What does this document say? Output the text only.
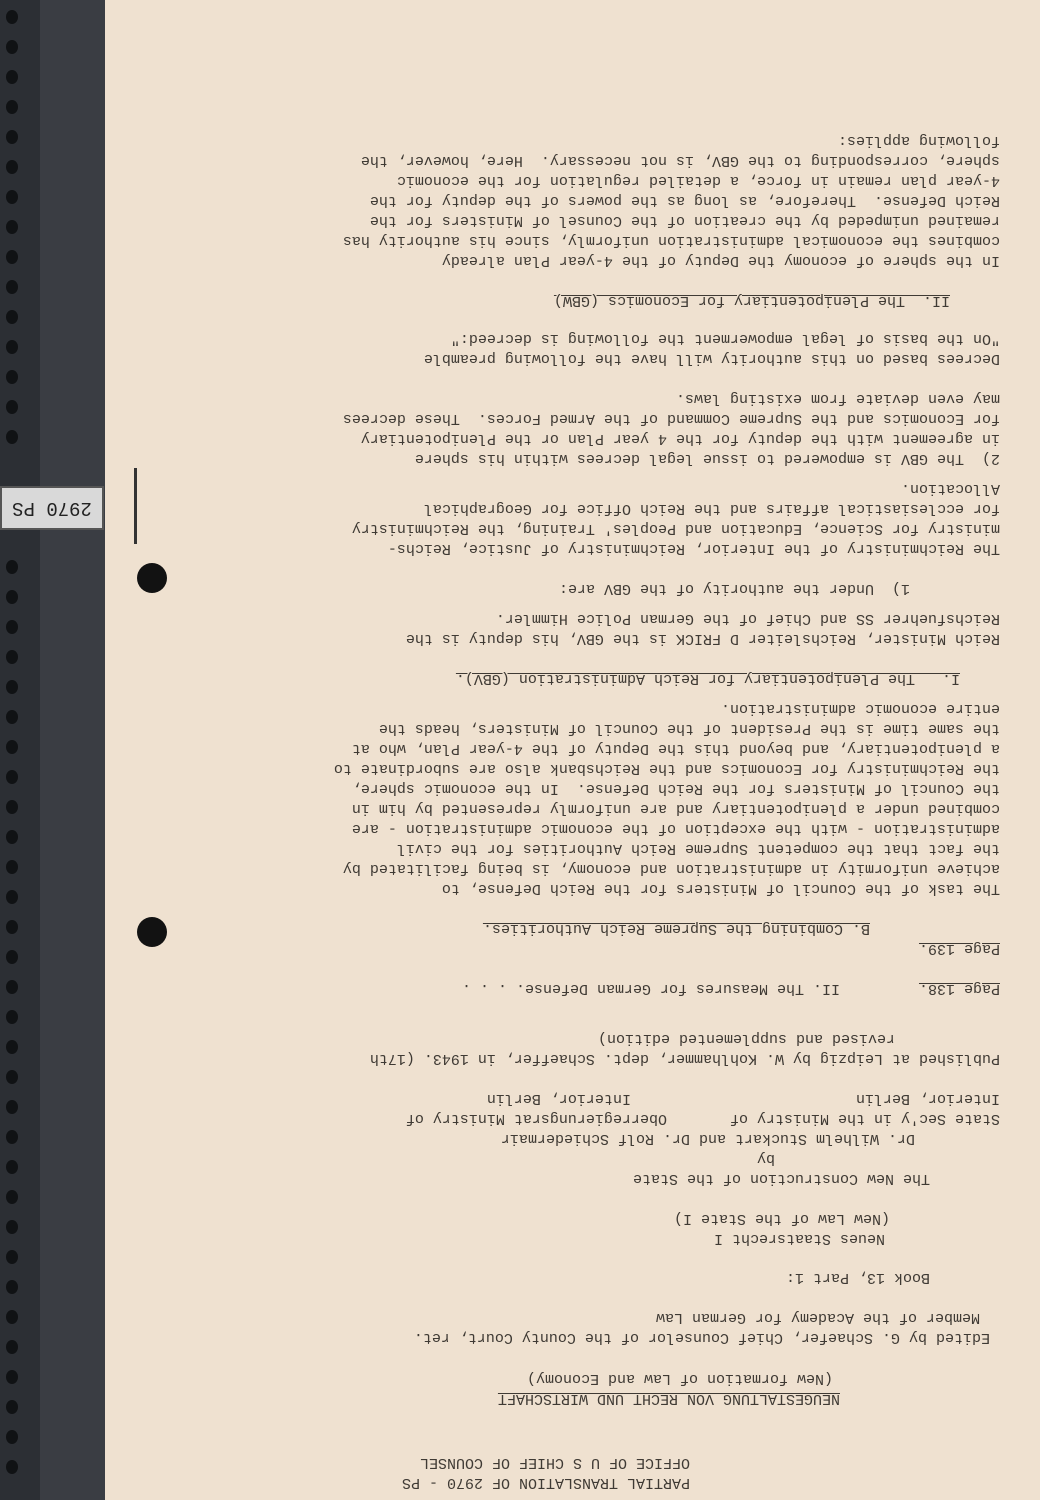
2970 PS
PARTIAL TRANSLATION OF 2970 - PS
OFFICE OF U S CHIEF OF COUNSEL
NEUGESTALTUNG VON RECHT UND WIRTSCHAFT
(New formation of Law and Economy)
Edited by G. Schaefer, Chief Counselor of the County Court, ret.
Member of the Academy for German Law
Book 13, Part 1:
Neues Staatsrecht I
(New Law of the State I)
The New Construction of the State
by
Dr. Wilhelm Stuckart and Dr. Rolf Schiedermair
State Sec'y in the Ministry of       Oberregierungsrat Ministry of
Interior, Berlin                         Interior, Berlin
Published at Leipzig by W. Kohlhammer, dept. Schaeffer, in 1943. (17th
revised and supplemented edition)
Page 138.
II. The Measures for German Defense. . . .
Page 139.
B. Combining the Supreme Reich Authorities.
The task of the Council of Ministers for the Reich Defense, to
achieve uniformity in administration and economy, is being facilitated by
the fact that the competent Supreme Reich Authorities for the civil
administration - with the exception of the economic administration - are
combined under a plenipotentiary and are uniformly represented by him in
the Council of Ministers for the Reich Defense.  In the economic sphere,
the Reichministry for Economics and the Reichsbank also are subordinate to
a plenipotentiary, and beyond this the Deputy of the 4-year Plan, who at
the same time is the President of the Council of Ministers, heads the
entire economic administration.
I.   The Plenipotentiary for Reich Administration (GBV).
Reich Minister, Reichsleiter D FRICK is the GBV, his deputy is the
Reichsfuehrer SS and Chief of the German Police Himmler.
1)  Under the authority of the GBV are:
The Reichministry of the Interior, Reichministry of Justice, Reichs-
ministry for Science, Education and Peoples' Training, the Reichministry
for ecclesiastical affairs and the Reich Office for Geographical
Allocation.
2)  The GBV is empowered to issue legal decrees within his sphere
in agreement with the deputy for the 4 year Plan or the Plenipotentiary
for Economics and the Supreme Command of the Armed Forces.  These decrees
may even deviate from existing laws.
Decrees based on this authority will have the following preamble
"On the basis of legal empowerment the following is decreed:"
II.  The Plenipotentiary for Economics (GBW)
In the sphere of economy the Deputy of the 4-year Plan already
combines the economical administration uniformly, since his authority has
remained unimpeded by the creation of the Counsel of Ministers for the
Reich Defense.  Therefore, as long as the powers of the deputy for the
4-year plan remain in force, a detailed regulation for the economic
sphere, corresponding to the GBV, is not necessary.  Here, however, the
following applies:
